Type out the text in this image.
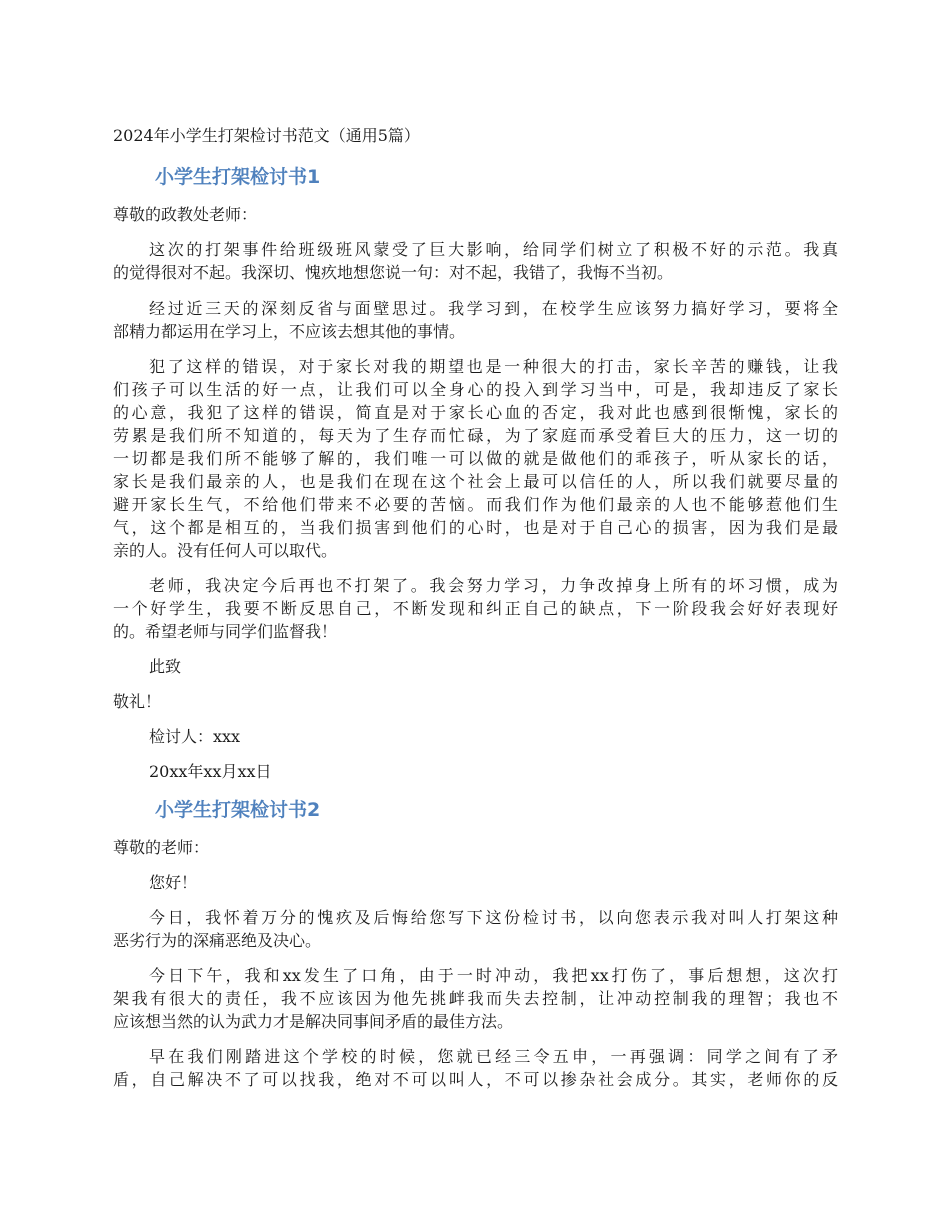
2024年小学生打架检讨书范文（通用5篇）
小学生打架检讨书1
尊敬的政教处老师：
这次的打架事件给班级班风蒙受了巨大影响，给同学们树立了积极不好的示范。我真
的觉得很对不起。我深切、愧疚地想您说一句：对不起，我错了，我悔不当初。
经过近三天的深刻反省与面壁思过。我学习到，在校学生应该努力搞好学习，要将全
部精力都运用在学习上，不应该去想其他的事情。
犯了这样的错误，对于家长对我的期望也是一种很大的打击，家长辛苦的赚钱，让我
们孩子可以生活的好一点，让我们可以全身心的投入到学习当中，可是，我却违反了家长
的心意，我犯了这样的错误，简直是对于家长心血的否定，我对此也感到很惭愧，家长的
劳累是我们所不知道的，每天为了生存而忙碌，为了家庭而承受着巨大的压力，这一切的
一切都是我们所不能够了解的，我们唯一可以做的就是做他们的乖孩子，听从家长的话，
家长是我们最亲的人，也是我们在现在这个社会上最可以信任的人，所以我们就要尽量的
避开家长生气，不给他们带来不必要的苦恼。而我们作为他们最亲的人也不能够惹他们生
气，这个都是相互的，当我们损害到他们的心时，也是对于自己心的损害，因为我们是最
亲的人。没有任何人可以取代。
老师，我决定今后再也不打架了。我会努力学习，力争改掉身上所有的坏习惯，成为
一个好学生，我要不断反思自己，不断发现和纠正自己的缺点，下一阶段我会好好表现好
的。希望老师与同学们监督我！
此致
敬礼！
检讨人：xxx
20xx年xx月xx日
小学生打架检讨书2
尊敬的老师：
您好！
今日，我怀着万分的愧疚及后悔给您写下这份检讨书，以向您表示我对叫人打架这种
恶劣行为的深痛恶绝及决心。
今日下午，我和xx发生了口角，由于一时冲动，我把xx打伤了，事后想想，这次打
架我有很大的责任，我不应该因为他先挑衅我而失去控制，让冲动控制我的理智；我也不
应该想当然的认为武力才是解决同事间矛盾的最佳方法。
早在我们刚踏进这个学校的时候，您就已经三令五申，一再强调：同学之间有了矛
盾，自己解决不了可以找我，绝对不可以叫人，不可以掺杂社会成分。其实，老师你的反
